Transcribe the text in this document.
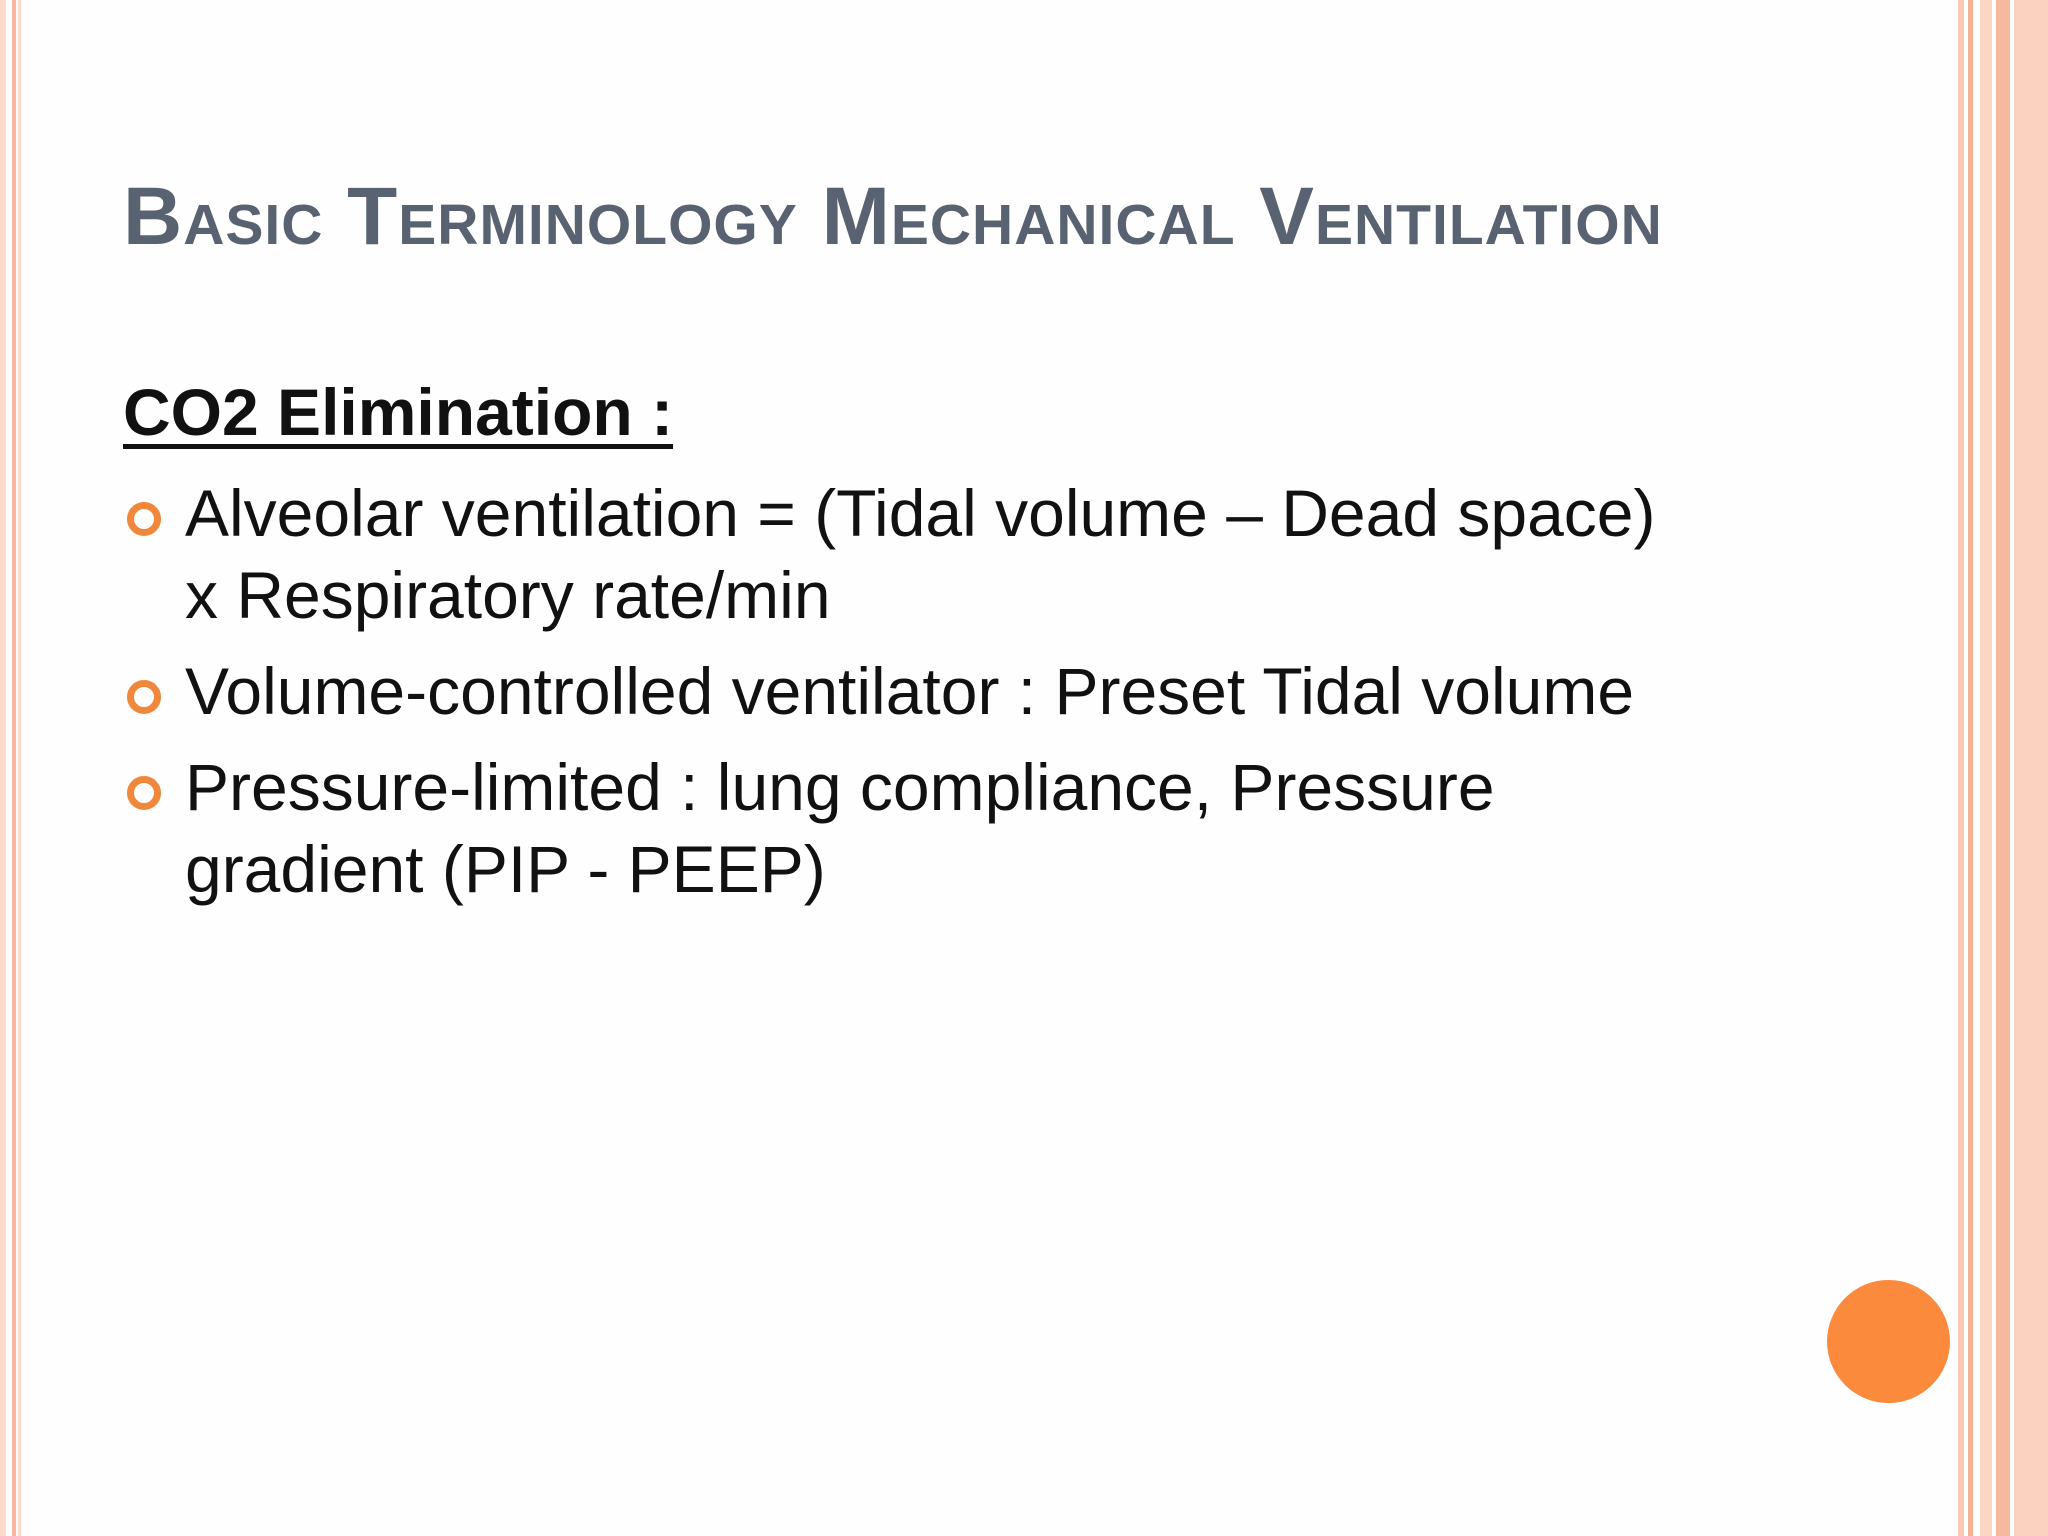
Basic Terminology Mechanical Ventilation
CO2 Elimination :
Alveolar ventilation = (Tidal volume – Dead space)
x Respiratory rate/min
Volume-controlled ventilator : Preset Tidal volume
Pressure-limited : lung compliance, Pressure
gradient (PIP - PEEP)
